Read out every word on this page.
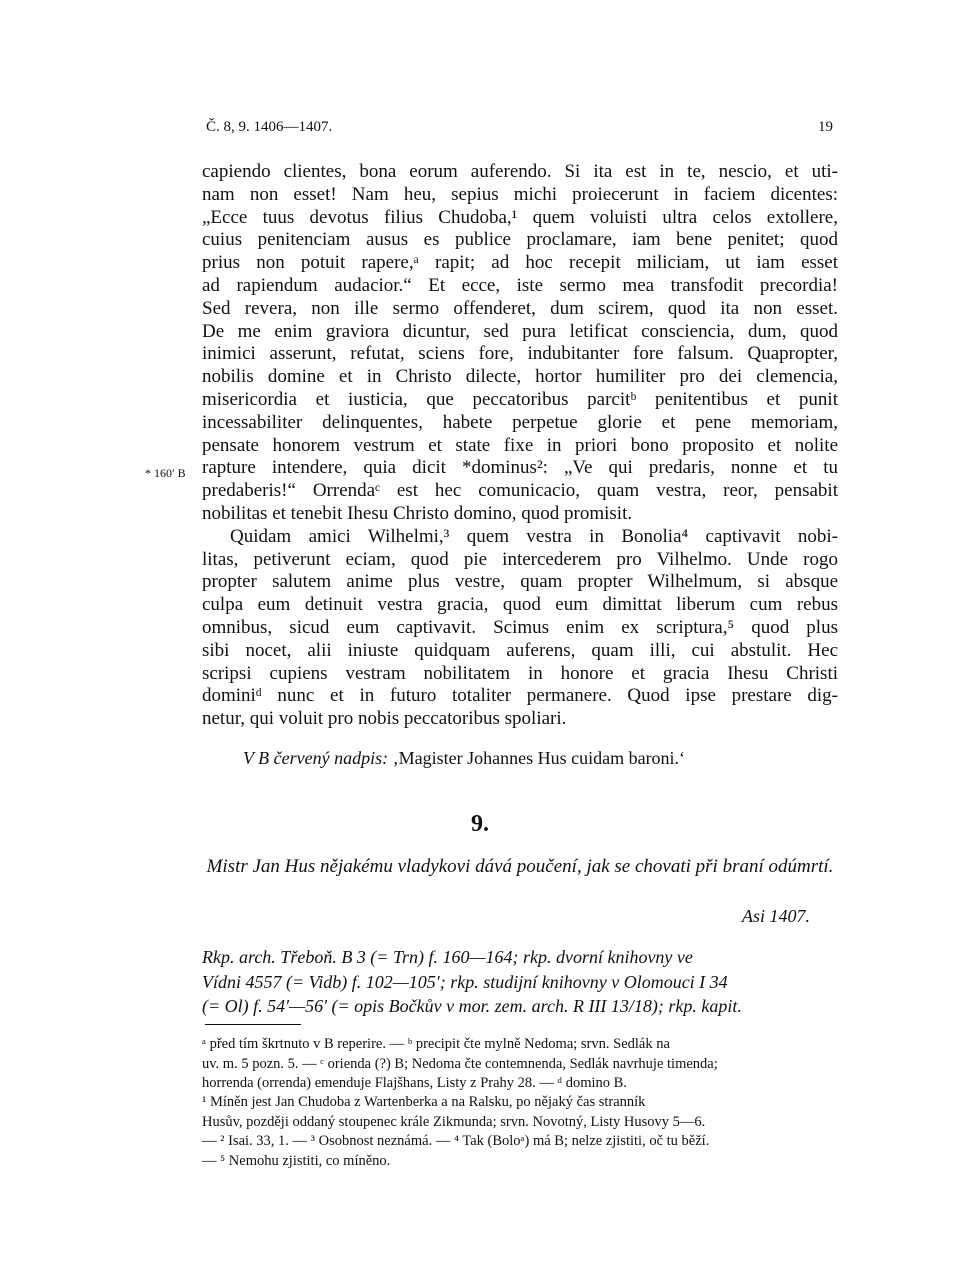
Č. 8, 9. 1406—1407.	19
* 160′ B
capiendo clientes, bona eorum auferendo. Si ita est in te, nescio, et uti-
nam non esset! Nam heu, sepius michi proiecerunt in faciem dicentes:
„Ecce tuus devotus filius Chudoba,¹ quem voluisti ultra celos extollere,
cuius penitenciam ausus es publice proclamare, iam bene penitet; quod
prius non potuit rapere,ᵃ rapit; ad hoc recepit miliciam, ut iam esset
ad rapiendum audacior.“ Et ecce, iste sermo mea transfodit precordia!
Sed revera, non ille sermo offenderet, dum scirem, quod ita non esset.
De me enim graviora dicuntur, sed pura letificat consciencia, dum, quod
inimici asserunt, refutat, sciens fore, indubitanter fore falsum. Quapropter,
nobilis domine et in Christo dilecte, hortor humiliter pro dei clemencia,
misericordia et iusticia, que peccatoribus parcitᵇ penitentibus et punit
incessabiliter delinquentes, habete perpetue glorie et pene memoriam,
pensate honorem vestrum et state fixe in priori bono proposito et nolite
rapture intendere, quia dicit *dominus²: „Ve qui predaris, nonne et tu
predaberis!“ Orrendaᶜ est hec comunicacio, quam vestra, reor, pensabit
nobilitas et tenebit Ihesu Christo domino, quod promisit.
Quidam amici Wilhelmi,³ quem vestra in Bonolia⁴ captivavit nobi-
litas, petiverunt eciam, quod pie intercederem pro Vilhelmo. Unde rogo
propter salutem anime plus vestre, quam propter Wilhelmum, si absque
culpa eum detinuit vestra gracia, quod eum dimittat liberum cum rebus
omnibus, sicud eum captivavit. Scimus enim ex scriptura,⁵ quod plus
sibi nocet, alii iniuste quidquam auferens, quam illi, cui abstulit. Hec
scripsi cupiens vestram nobilitatem in honore et gracia Ihesu Christi
dominiᵈ nunc et in futuro totaliter permanere. Quod ipse prestare dig-
netur, qui voluit pro nobis peccatoribus spoliari.
V B červený nadpis: ‚Magister Johannes Hus cuidam baroni.‘
9.
Mistr Jan Hus nějakému vladykovi dává poučení, jak se chovati při braní odúmrtí.
Asi 1407.
Rkp. arch. Třeboň. B 3 (= Trn) f. 160—164; rkp. dvorní knihovny ve
Vídni 4557 (= Vidb) f. 102—105′; rkp. studijní knihovny v Olomouci I 34
(= Ol) f. 54′—56′ (= opis Bočkův v mor. zem. arch. R III 13/18); rkp. kapit.
ᵃ před tím škrtnuto v B reperire. — ᵇ precipit čte mylně Nedoma; srvn. Sedlák na
uv. m. 5 pozn. 5. — ᶜ orienda (?) B; Nedoma čte contemnenda, Sedlák navrhuje timenda;
horrenda (orrenda) emenduje Flajšhans, Listy z Prahy 28. — ᵈ domino B.
¹ Míněn jest Jan Chudoba z Wartenberka a na Ralsku, po nějaký čas stranník
Husův, později oddaný stoupenec krále Zikmunda; srvn. Novotný, Listy Husovy 5—6.
— ² Isai. 33, 1. — ³ Osobnost neznámá. — ⁴ Tak (Boloᵃ) má B; nelze zjistiti, oč tu běží.
— ⁵ Nemohu zjistiti, co míněno.
